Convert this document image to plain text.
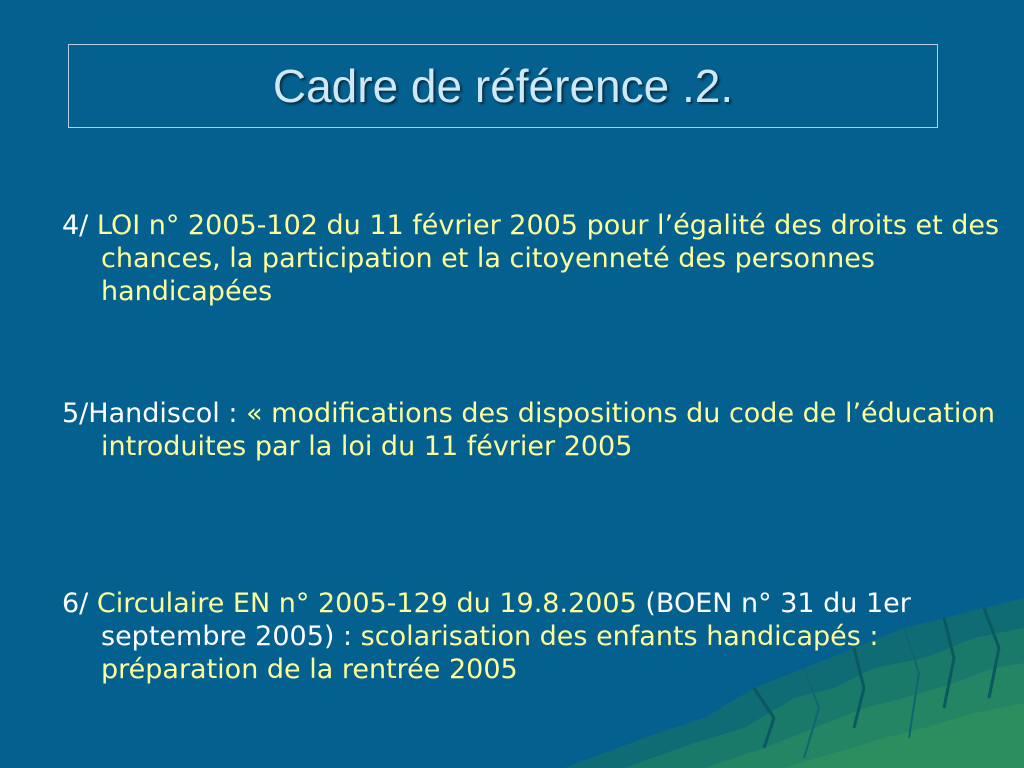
Cadre de référence .2.

4/ LOI n° 2005-102 du 11 février 2005 pour l’égalité des droits et des chances, la participation et la citoyenneté des personnes handicapées

5/Handiscol : « modifications des dispositions du code de l’éducation introduites par la loi du 11 février 2005

6/ Circulaire EN n° 2005-129 du 19.8.2005 (BOEN n° 31 du 1er septembre 2005) : scolarisation des enfants handicapés : préparation de la rentrée 2005
